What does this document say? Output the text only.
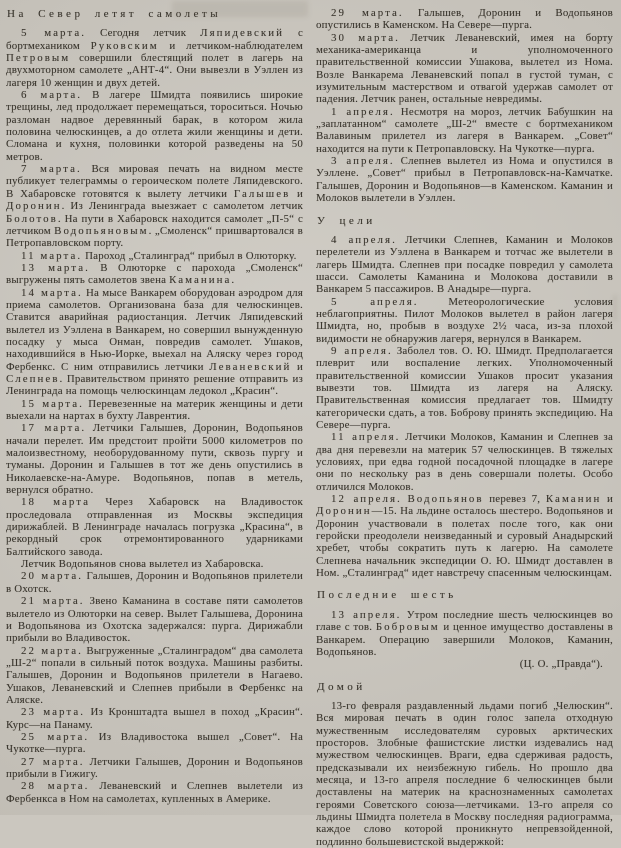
На Север летят самолеты

5 марта. Сегодня летчик Ляпидевский с бортмехаником Руковским и летчиком-наблюдателем Петровым совершили блестящий полет в лагерь на двухмоторном самолете „АНТ-4“. Они вывезли в Уэллен из лагеря 10 женщин и двух детей.

6 марта. В лагере Шмидта появились широкие трещины, лед продолжает перемещаться, тороситься. Ночью разломан надвое деревянный барак, в котором жила половина челюскинцев, а до отлета жили женщины и дети. Сломана и кухня, половинки которой разведены на 50 метров.

7 марта. Вся мировая печать на видном месте публикует телеграммы о героическом полете Ляпидевского. В Хабаровске готовятся к вылету летчики Галышев и Доронин. Из Ленинграда выезжает с самолетом летчик Болотов. На пути в Хабаровск находится самолет „П-5“ с летчиком Водопьяновым. „Смоленск“ пришвартовался в Петропавловском порту.

11 марта. Пароход „Сталинград“ прибыл в Олюторку.

13 марта. В Олюторке с парохода „Смоленск“ выгружены пять самолетов звена Каманина.

14 марта. На мысе Ванкарем оборудован аэродром для приема самолетов. Организована база для челюскинцев. Ставится аварийная радиостанция. Летчик Ляпидевский вылетел из Уэллена в Ванкарем, но совершил вынужденную посадку у мыса Онман, повредив самолет. Ушаков, находившийся в Нью-Иорке, выехал на Аляску через город Фербенкс. С ним отправились летчики Леваневский и Слепнев. Правительством принято решение отправить из Ленинграда на помощь челюскинцам ледокол „Красин“.

15 марта. Перевезенные на материк женщины и дети выехали на нартах в бухту Лаврентия.

17 марта. Летчики Галышев, Доронин, Водопьянов начали перелет. Им предстоит пройти 5000 километров по малоизвестному, необорудованному пути, сквозь пургу и туманы. Доронин и Галышев в тот же день опустились в Николаевске-на-Амуре. Водопьянов, попав в метель, вернулся обратно.

18 марта Через Хабаровск на Владивосток проследовала отправленная из Москвы экспедиция дирижаблей. В Ленинграде началась погрузка „Красина“, в рекордный срок отремонтированного ударниками Балтийского завода.

Летчик Водопьянов снова вылетел из Хабаровска.

20 марта. Галышев, Доронин и Водопьянов прилетели в Охотск.

21 марта. Звено Каманина в составе пяти самолетов вылетело из Олюторки на север. Вылет Галышева, Доронина и Водопьянова из Охотска задержался: пурга. Дирижабли прибыли во Владивосток.

22 марта. Выгруженные „Сталинградом“ два самолета „Ш-2“ попали в сильный поток воздуха. Машины разбиты. Галышев, Доронин и Водопьянов прилетели в Нагаево. Ушаков, Леваневский и Слепнев прибыли в Фербенкс на Аляске.

23 марта. Из Кронштадта вышел в поход „Красин“. Курс—на Панаму.

25 марта. Из Владивостока вышел „Совет“. На Чукотке—пурга.

27 марта. Летчики Галышев, Доронин и Водопьянов прибыли в Гижигу.

28 марта. Леваневский и Слепнев вылетели из Фербенкса в Ном на самолетах, купленных в Америке.

29 марта. Галышев, Доронин и Водопьянов опустились в Каменском. На Севере—пурга.

30 марта. Летчик Леваневский, имея на борту механика-американца и уполномоченного правительственной комиссии Ушакова, вылетел из Нома. Возле Ванкарема Леваневский попал в густой туман, с изумительным мастерством и отвагой удержав самолет от падения. Летчик ранен, остальные невредимы.

1 апреля. Несмотря на мороз, летчик Бабушкин на „заплатанном“ самолете „Ш-2“ вместе с бортмехаником Валавиным прилетел из лагеря в Ванкарем. „Совет“ находится на пути к Петропавловску. На Чукотке—пурга.

3 апреля. Слепнев вылетел из Нома и опустился в Уэллене. „Совет“ прибыл в Петропавловск-на-Камчатке. Галышев, Доронин и Водопьянов—в Каменском. Каманин и Молоков вылетели в Уэллен.

У цели

4 апреля. Летчики Слепнев, Каманин и Молоков перелетели из Уэллена в Ванкарем и тотчас же вылетели в лагерь Шмидта. Слепнев при посадке повредил у самолета шасси. Самолеты Каманина и Молокова доставили в Ванкарем 5 пассажиров. В Анадыре—пурга.

5 апреля. Метеорологические условия неблагоприятны. Пилот Молоков вылетел в район лагеря Шмидта, но, пробыв в воздухе 2½ часа, из-за плохой видимости не обнаружив лагеря, вернулся в Ванкарем.

9 апреля. Заболел тов. О. Ю. Шмидт. Предполагается плеврит или воспаление легких. Уполномоченный правительственной комиссии Ушаков просит указания вывезти тов. Шмидта из лагеря на Аляску. Правительственная комиссия предлагает тов. Шмидту категорически сдать, а тов. Боброву принять экспедицию. На Севере—пурга.

11 апреля. Летчики Молоков, Каманин и Слепнев за два дня перевезли на материк 57 челюскинцев. В тяжелых условиях, при едва годной посадочной площадке в лагере они по нескольку раз в день совершали полеты. Особо отличился Молоков.

12 апреля. Водопьянов перевез 7, Каманин и Доронин—15. На льдине осталось шестеро. Водопьянов и Доронин участвовали в полетах после того, как они геройски преодолели неизведанный и суровый Анадырский хребет, чтобы сократить путь к лагерю. На самолете Слепнева начальник экспедиции О. Ю. Шмидт доставлен в Ном. „Сталинград“ идет навстречу спасенным челюскинцам.

Последние шесть

13 апреля. Утром последние шесть челюскинцев во главе с тов. Бобровым и ценное имущество доставлены в Ванкарем. Операцию завершили Молоков, Каманин, Водопьянов.

(Ц. О. „Правда“).

Домой

13-го февраля раздавленный льдами погиб „Челюскин“. Вся мировая печать в один голос запела отходную мужественным исследователям суровых арктических просторов. Злобные фашистские листки издевались над мужеством челюскинцев. Враги, едва сдерживая радость, предсказывали их неизбежную гибель. Но прошло два месяца, и 13-го апреля последние 6 челюскинцев были доставлены на материк на краснознаменных самолетах героями Советского союза—летчиками. 13-го апреля со льдины Шмидта полетела в Москву последняя радиограмма, каждое слово которой проникнуто непревзойденной, подлинно большевистской выдержкой:
